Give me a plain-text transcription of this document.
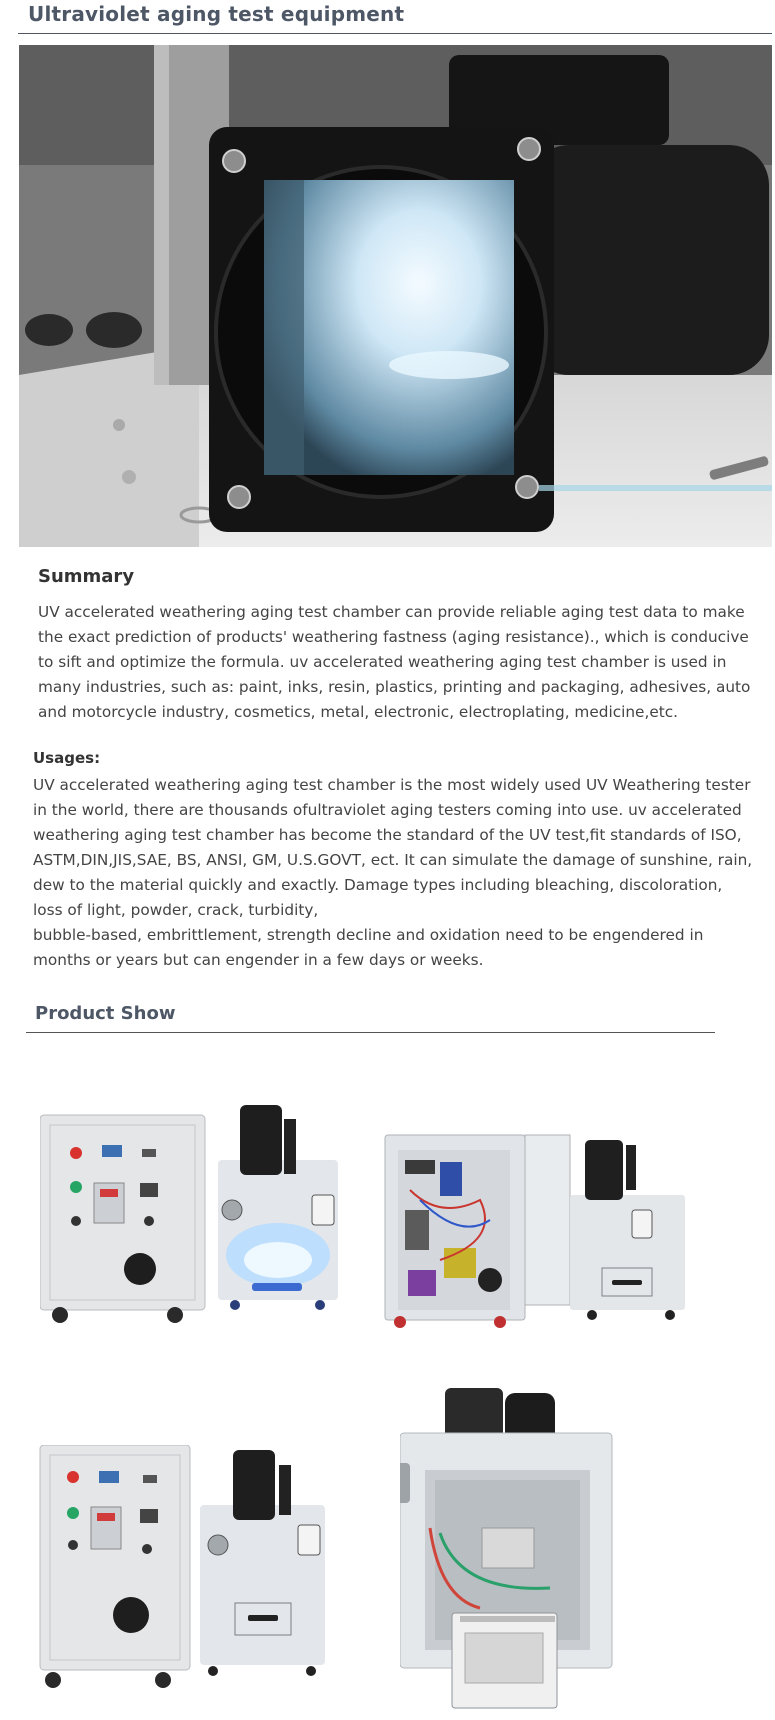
Ultraviolet aging test equipment
Summary

UV accelerated weathering aging test chamber can provide reliable aging test data to make the exact prediction of products' weathering fastness (aging resistance)., which is conducive to sift and optimize the formula. uv accelerated weathering aging test chamber is used in many industries, such as: paint, inks, resin, plastics, printing and packaging, adhesives, auto and motorcycle industry, cosmetics, metal, electronic, electroplating, medicine,etc.

Usages:

UV accelerated weathering aging test chamber is the most widely used UV Weathering tester in the world, there are thousands ofultraviolet aging testers coming into use. uv accelerated weathering aging test chamber has become the standard of the UV test,fit standards of ISO, ASTM,DIN,JIS,SAE, BS, ANSI, GM, U.S.GOVT, ect. It can simulate the damage of sunshine, rain, dew to the material quickly and exactly. Damage types including bleaching, discoloration, loss of light, powder, crack, turbidity,

bubble-based, embrittlement, strength decline and oxidation need to be engendered in months or years but can engender in a few days or weeks.

Product Show
